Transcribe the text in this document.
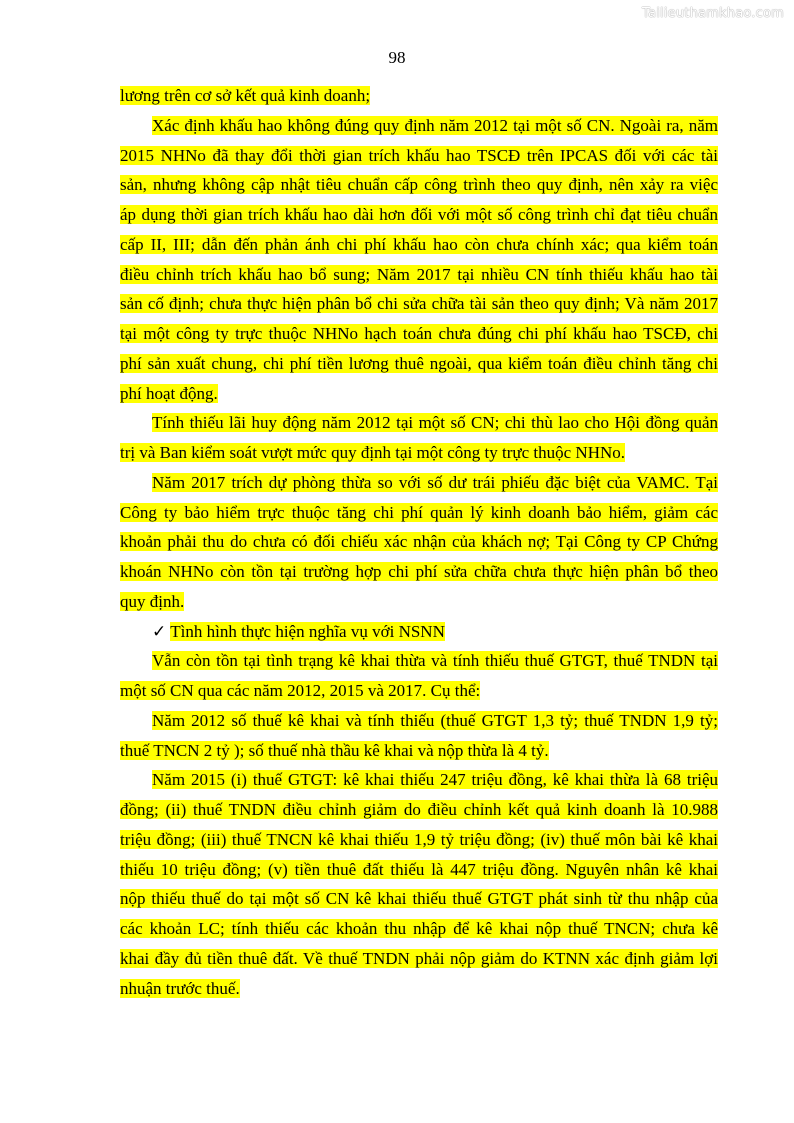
Tailieuthamkhao.com
98
lương trên cơ sở kết quả kinh doanh;
Xác định khấu hao không đúng quy định năm 2012 tại một số CN. Ngoài ra, năm
2015 NHNo đã thay đổi thời gian trích khấu hao TSCĐ trên IPCAS đối với các tài
sản, nhưng không cập nhật tiêu chuẩn cấp công trình theo quy định, nên xảy ra việc
áp dụng thời gian trích khấu hao dài hơn đối với một số công trình chỉ đạt tiêu chuẩn
cấp II, III; dẫn đến phản ánh chi phí khấu hao còn chưa chính xác; qua kiểm toán
điều chỉnh trích khấu hao bổ sung; Năm 2017 tại nhiều CN tính thiếu khấu hao tài
sản cố định; chưa thực hiện phân bổ chi sửa chữa tài sản theo quy định; Và năm 2017
tại một công ty trực thuộc NHNo hạch toán chưa đúng chi phí khấu hao TSCĐ, chi
phí sản xuất chung, chi phí tiền lương thuê ngoài, qua kiểm toán điều chỉnh tăng chi
phí hoạt động.
Tính thiếu lãi huy động năm 2012 tại một số CN; chi thù lao cho Hội đồng quản
trị và Ban kiểm soát vượt mức quy định tại một công ty trực thuộc NHNo.
Năm 2017 trích dự phòng thừa so với số dư trái phiếu đặc biệt của VAMC. Tại
Công ty bảo hiểm trực thuộc tăng chi phí quản lý kinh doanh bảo hiểm, giảm các
khoản phải thu do chưa có đối chiếu xác nhận của khách nợ; Tại Công ty CP Chứng
khoán NHNo còn tồn tại trường hợp chi phí sửa chữa chưa thực hiện phân bổ theo
quy định.
✓ Tình hình thực hiện nghĩa vụ với NSNN
Vẫn còn tồn tại tình trạng kê khai thừa và tính thiếu thuế GTGT, thuế TNDN tại
một số CN qua các năm 2012, 2015 và 2017. Cụ thể:
Năm 2012 số thuế kê khai và tính thiếu (thuế GTGT 1,3 tỷ; thuế TNDN 1,9 tỷ;
thuế TNCN 2 tỷ ); số thuế nhà thầu kê khai và nộp thừa là 4 tỷ.
Năm 2015 (i) thuế GTGT: kê khai thiếu 247 triệu đồng, kê khai thừa là 68 triệu
đồng; (ii) thuế TNDN điều chỉnh giảm do điều chỉnh kết quả kinh doanh là 10.988
triệu đồng; (iii) thuế TNCN kê khai thiếu 1,9 tỷ triệu đồng; (iv) thuế môn bài kê khai
thiếu 10 triệu đồng; (v) tiền thuê đất thiếu là 447 triệu đồng. Nguyên nhân kê khai
nộp thiếu thuế do tại một số CN kê khai thiếu thuế GTGT phát sinh từ thu nhập của
các khoản LC; tính thiếu các khoản thu nhập để kê khai nộp thuế TNCN; chưa kê
khai đầy đủ tiền thuê đất. Về thuế TNDN phải nộp giảm do KTNN xác định giảm lợi
nhuận trước thuế.
